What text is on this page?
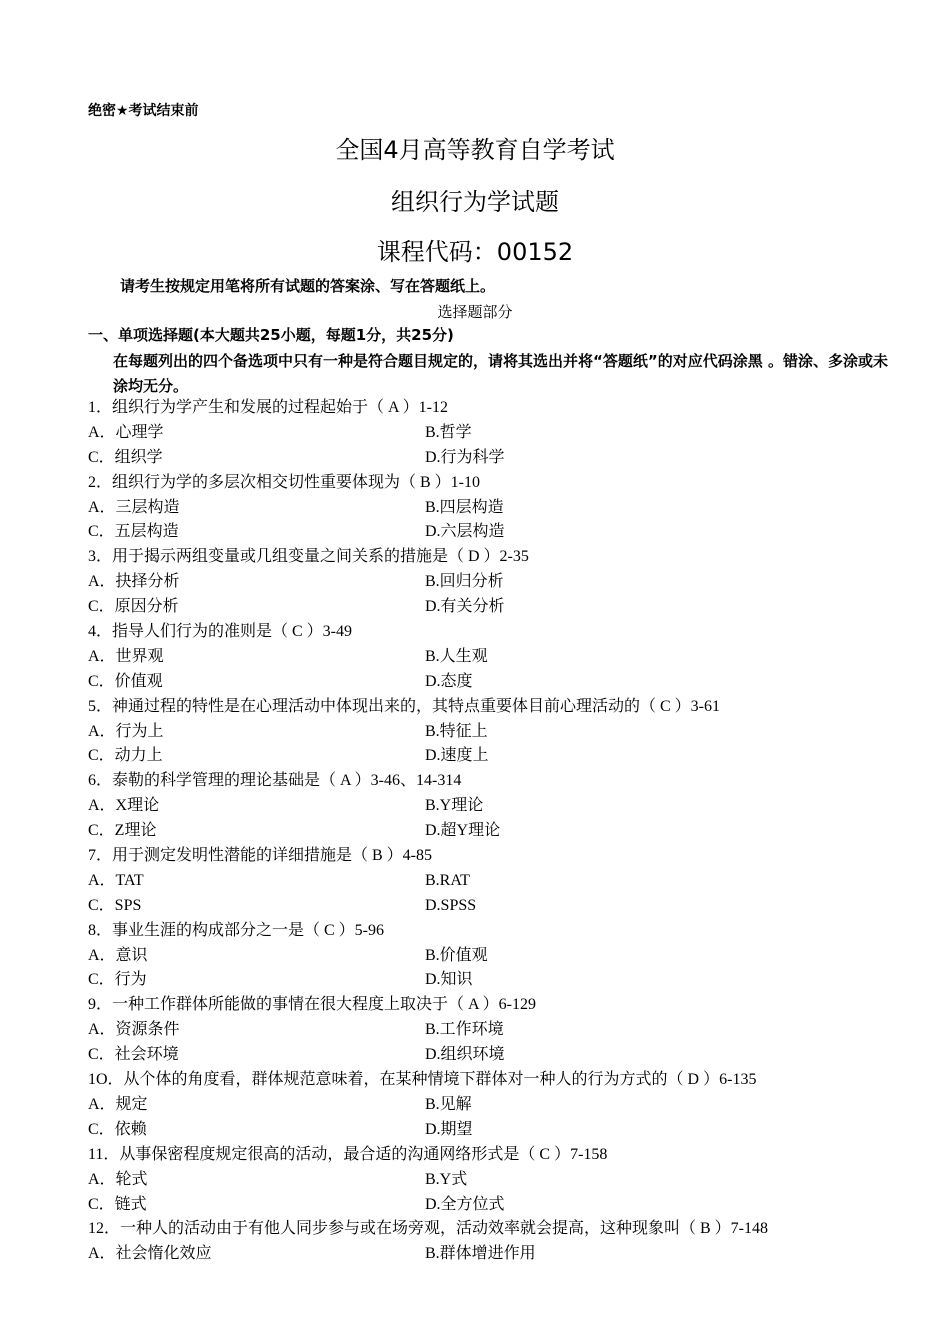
绝密★考试结束前
全国4月高等教育自学考试
组织行为学试题
课程代码：00152
请考生按规定用笔将所有试题的答案涂、写在答题纸上。
选择题部分
一、单项选择题(本大题共25小题，每题1分，共25分)
在每题列出的四个备选项中只有一种是符合题目规定的，请将其选出并将“答题纸”的对应代码涂黑 。错涂、多涂或未涂均无分。
1．组织行为学产生和发展的过程起始于（ A ）1-12
A．心理学	B.哲学
C．组织学	D.行为科学
2．组织行为学的多层次相交切性重要体现为（ B ）1-10
A．三层构造	B.四层构造
C．五层构造	D.六层构造
3．用于揭示两组变量或几组变量之间关系的措施是（ D ）2-35
A．抉择分析	B.回归分析
C．原因分析	D.有关分析
4．指导人们行为的准则是（ C ）3-49
A．世界观	B.人生观
C．价值观	D.态度
5．神通过程的特性是在心理活动中体现出来的，其特点重要体目前心理活动的（ C ）3-61
A．行为上	B.特征上
C．动力上	D.速度上
6．泰勒的科学管理的理论基础是（ A ）3-46、14-314
A．X理论	B.Y理论
C．Z理论	D.超Y理论
7．用于测定发明性潜能的详细措施是（ B ）4-85
A．TAT	B.RAT
C．SPS	D.SPSS
8．事业生涯的构成部分之一是（ C ）5-96
A．意识	B.价值观
C．行为	D.知识
9．一种工作群体所能做的事情在很大程度上取决于（ A ）6-129
A．资源条件	B.工作环境
C．社会环境	D.组织环境
1O．从个体的角度看，群体规范意味着，在某种情境下群体对一种人的行为方式的（ D ）6-135
A．规定	B.见解
C．依赖	D.期望
11．从事保密程度规定很高的活动，最合适的沟通网络形式是（ C ）7-158
A．轮式	B.Y式
C．链式	D.全方位式
12．一种人的活动由于有他人同步参与或在场旁观，活动效率就会提高，这种现象叫（ B ）7-148
A．社会惰化效应	B.群体增进作用
